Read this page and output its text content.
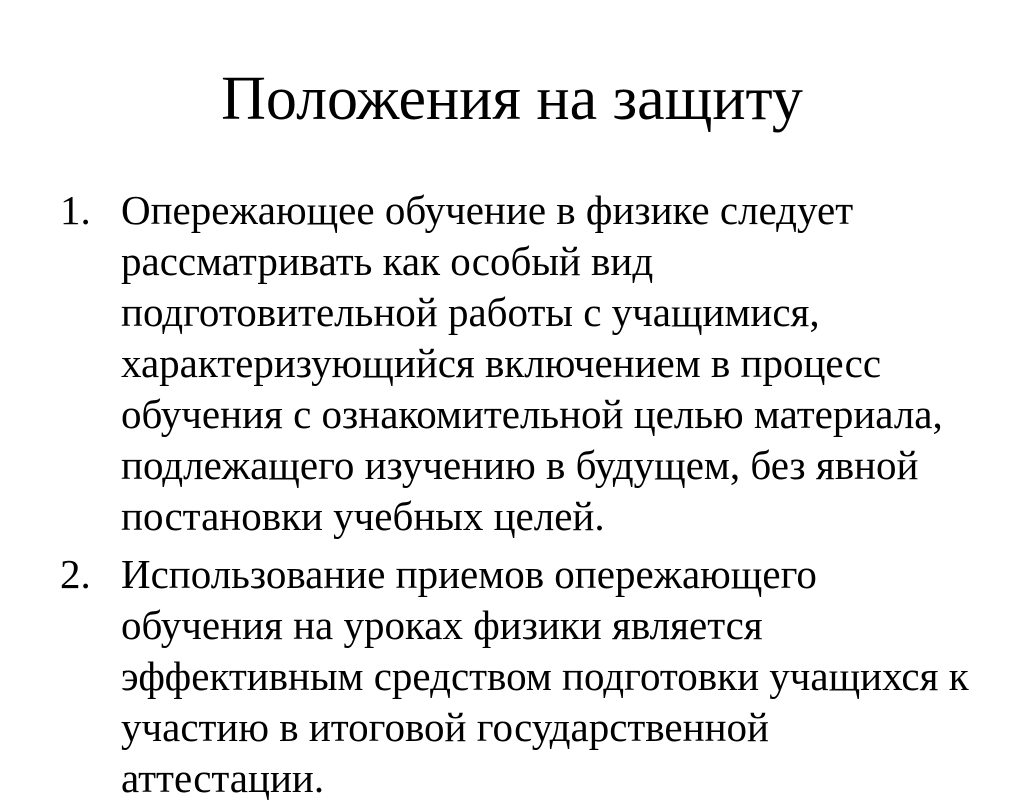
Положения на защиту
1. Опережающее обучение в физике следует рассматривать как особый вид подготовительной работы с учащимися, характеризующийся включением в процесс обучения с ознакомительной целью материала, подлежащего изучению в будущем, без явной постановки учебных целей.
2. Использование приемов опережающего обучения на уроках физики является эффективным средством подготовки учащихся к участию в итоговой государственной аттестации.
